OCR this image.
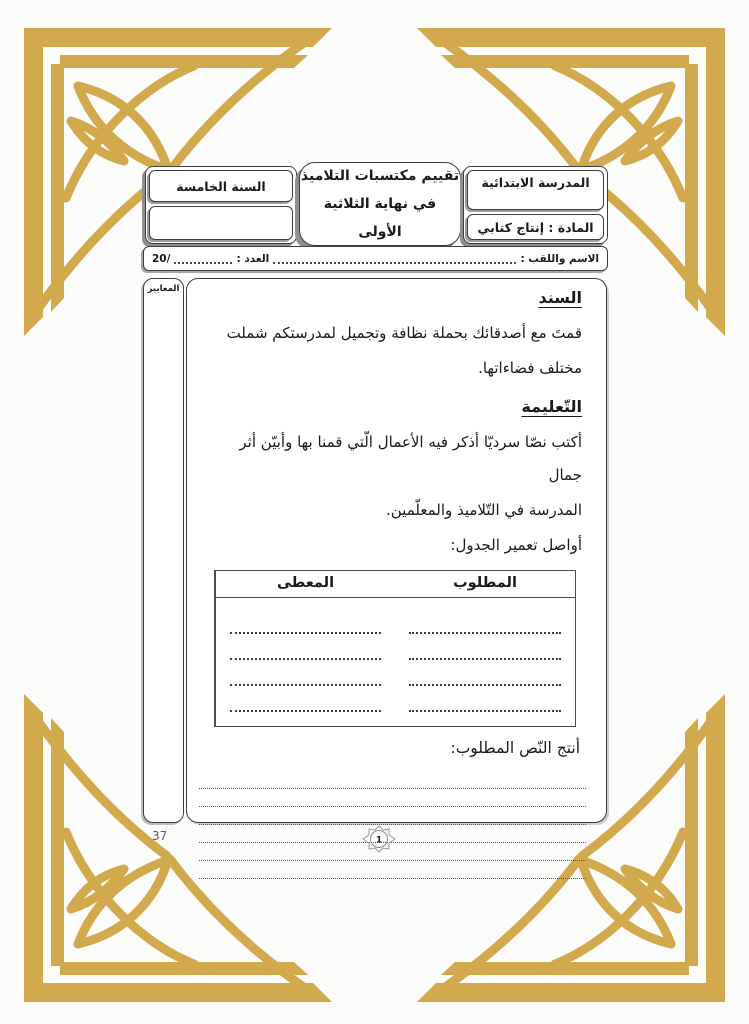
السنة الخامسة
تقييم مكتسبات التلاميذ
في نهاية الثلاثية الأولى
المدرسة الابتدائية
المادة : إنتاج كتابي
الاسم واللقب :
العدد :
/20
المعايير	السند
قمتَ مع أصدقائك بحملة نظافة وتجميل لمدرستكم شملت
مختلف فضاءاتها.
التّعليمة
أكتب نصّا سرديّا أذكر فيه الأعمال الّتي قمنا بها وأبيّن أثر جمال
المدرسة في التّلاميذ والمعلّمين.
أواصل تعمير الجدول:
المعطى	المطلوب
أنتج النّص المطلوب:
37	1
